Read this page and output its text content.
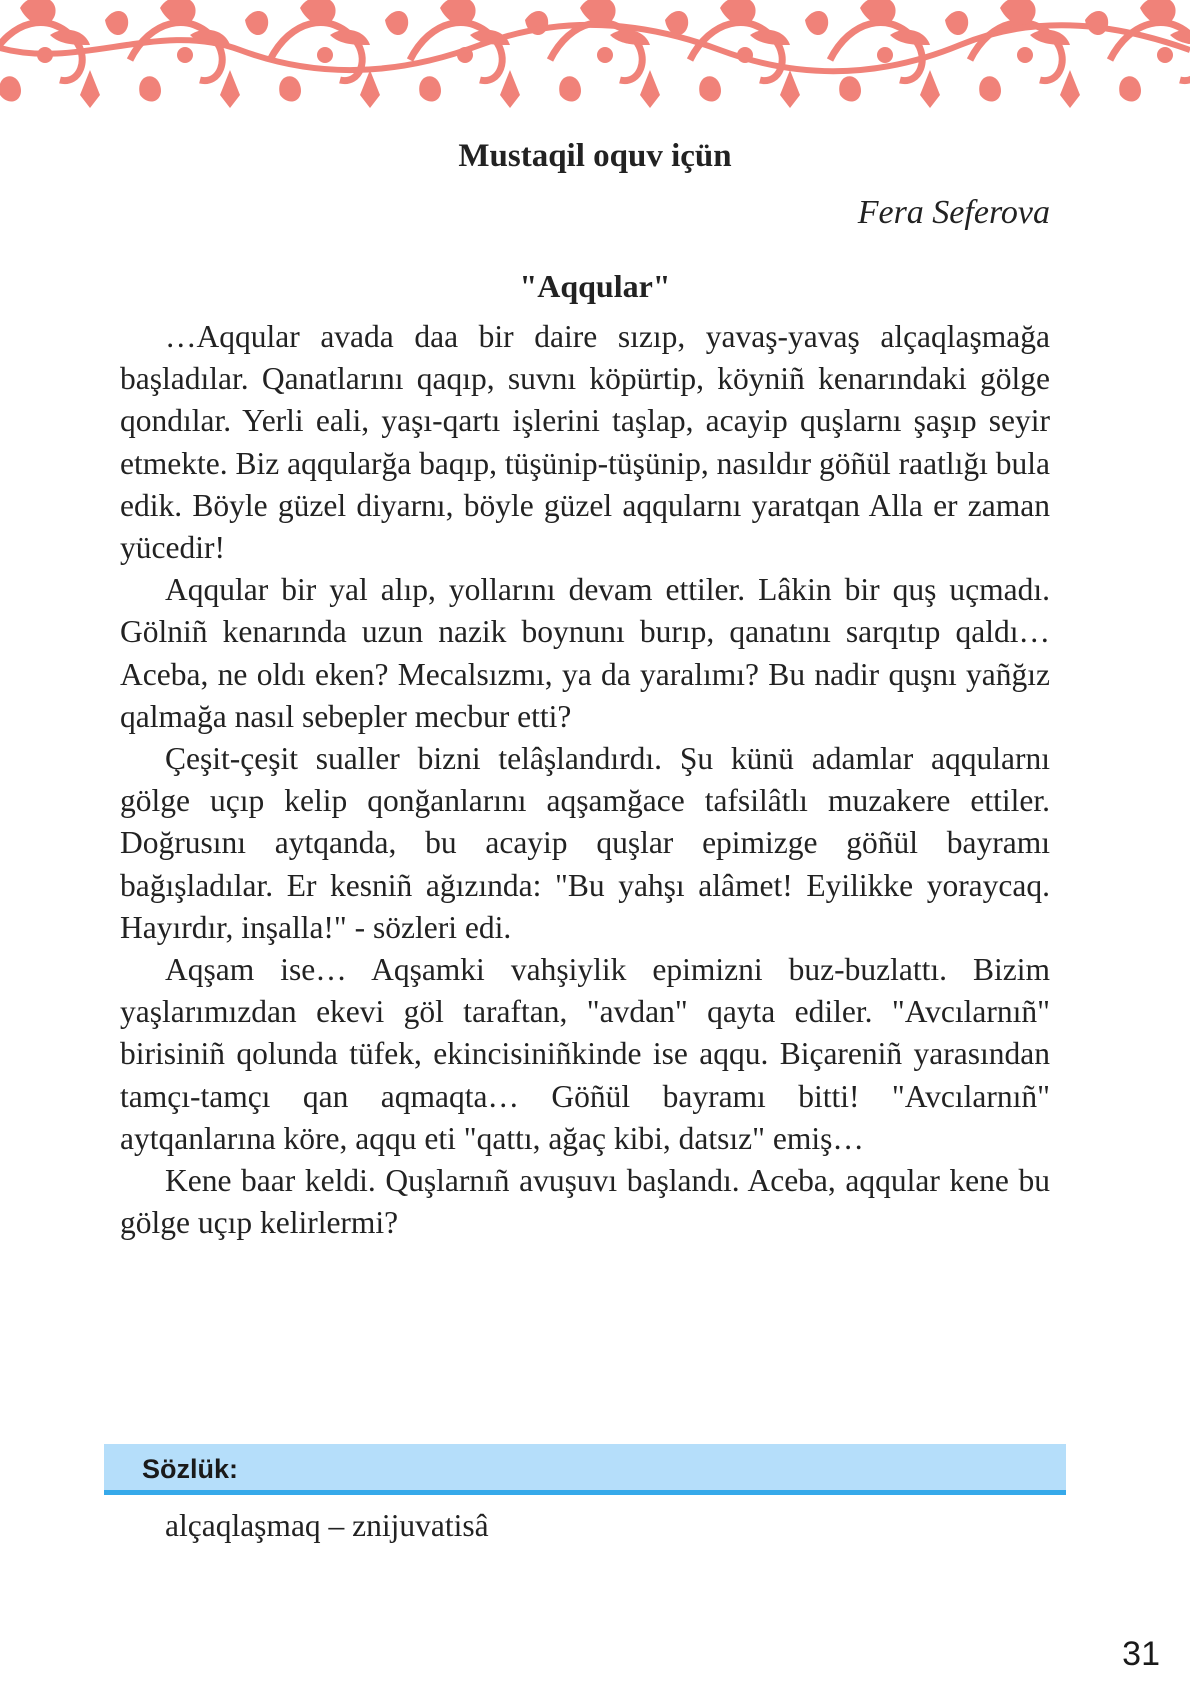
Mustaqil oquv içün
Fera Seferova
"Aqqular"

…Aqqular avada daa bir daire sızıp, yavaş-yavaş alçaqlaşmağa başladılar. Qanatlarını qaqıp, suvnı köpürtip, köyniñ kenarındaki gölge qondılar. Yerli eali, yaşı-qartı işlerini taşlap, acayip quşlarnı şaşıp seyir etmekte. Biz aqqularğa baqıp, tüşünip-tüşünip, nasıldır göñül raatlığı bula edik. Böyle güzel diyarnı, böyle güzel aqqularnı yaratqan Alla er zaman yücedir!

Aqqular bir yal alıp, yollarını devam ettiler. Lâkin bir quş uçmadı. Gölniñ kenarında uzun nazik boynunı burıp, qanatını sarqıtıp qaldı… Aceba, ne oldı eken? Mecalsızmı, ya da yaralımı? Bu nadir quşnı yañğız qalmağa nasıl sebepler mecbur etti?

Çeşit-çeşit sualler bizni telâşlandırdı. Şu künü adamlar aqqularnı gölge uçıp kelip qonğanlarını aqşamğace tafsilâtlı muzakere ettiler. Doğrusını aytqanda, bu acayip quşlar epimizge göñül bayramı bağışladılar. Er kesniñ ağızında: "Bu yahşı alâmet! Eyilikke yoraycaq. Hayırdır, inşalla!" - sözleri edi.

Aqşam ise… Aqşamki vahşiylik epimizni buz-buzlattı. Bizim yaşlarımızdan ekevi göl taraftan, "avdan" qayta ediler. "Avcılarnıñ" birisiniñ qolunda tüfek, ekincisiniñkinde ise aqqu. Biçareniñ yarasından tamçı-tamçı qan aqmaqta… Göñül bayramı bitti! "Avcılarnıñ" aytqanlarına köre, aqqu eti "qattı, ağaç kibi, datsız" emiş…

Kene baar keldi. Quşlarnıñ avuşuvı başlandı. Aceba, aqqular kene bu gölge uçıp kelirlermi?

Sözlük:
alçaqlaşmaq – znijuvatisâ
31
